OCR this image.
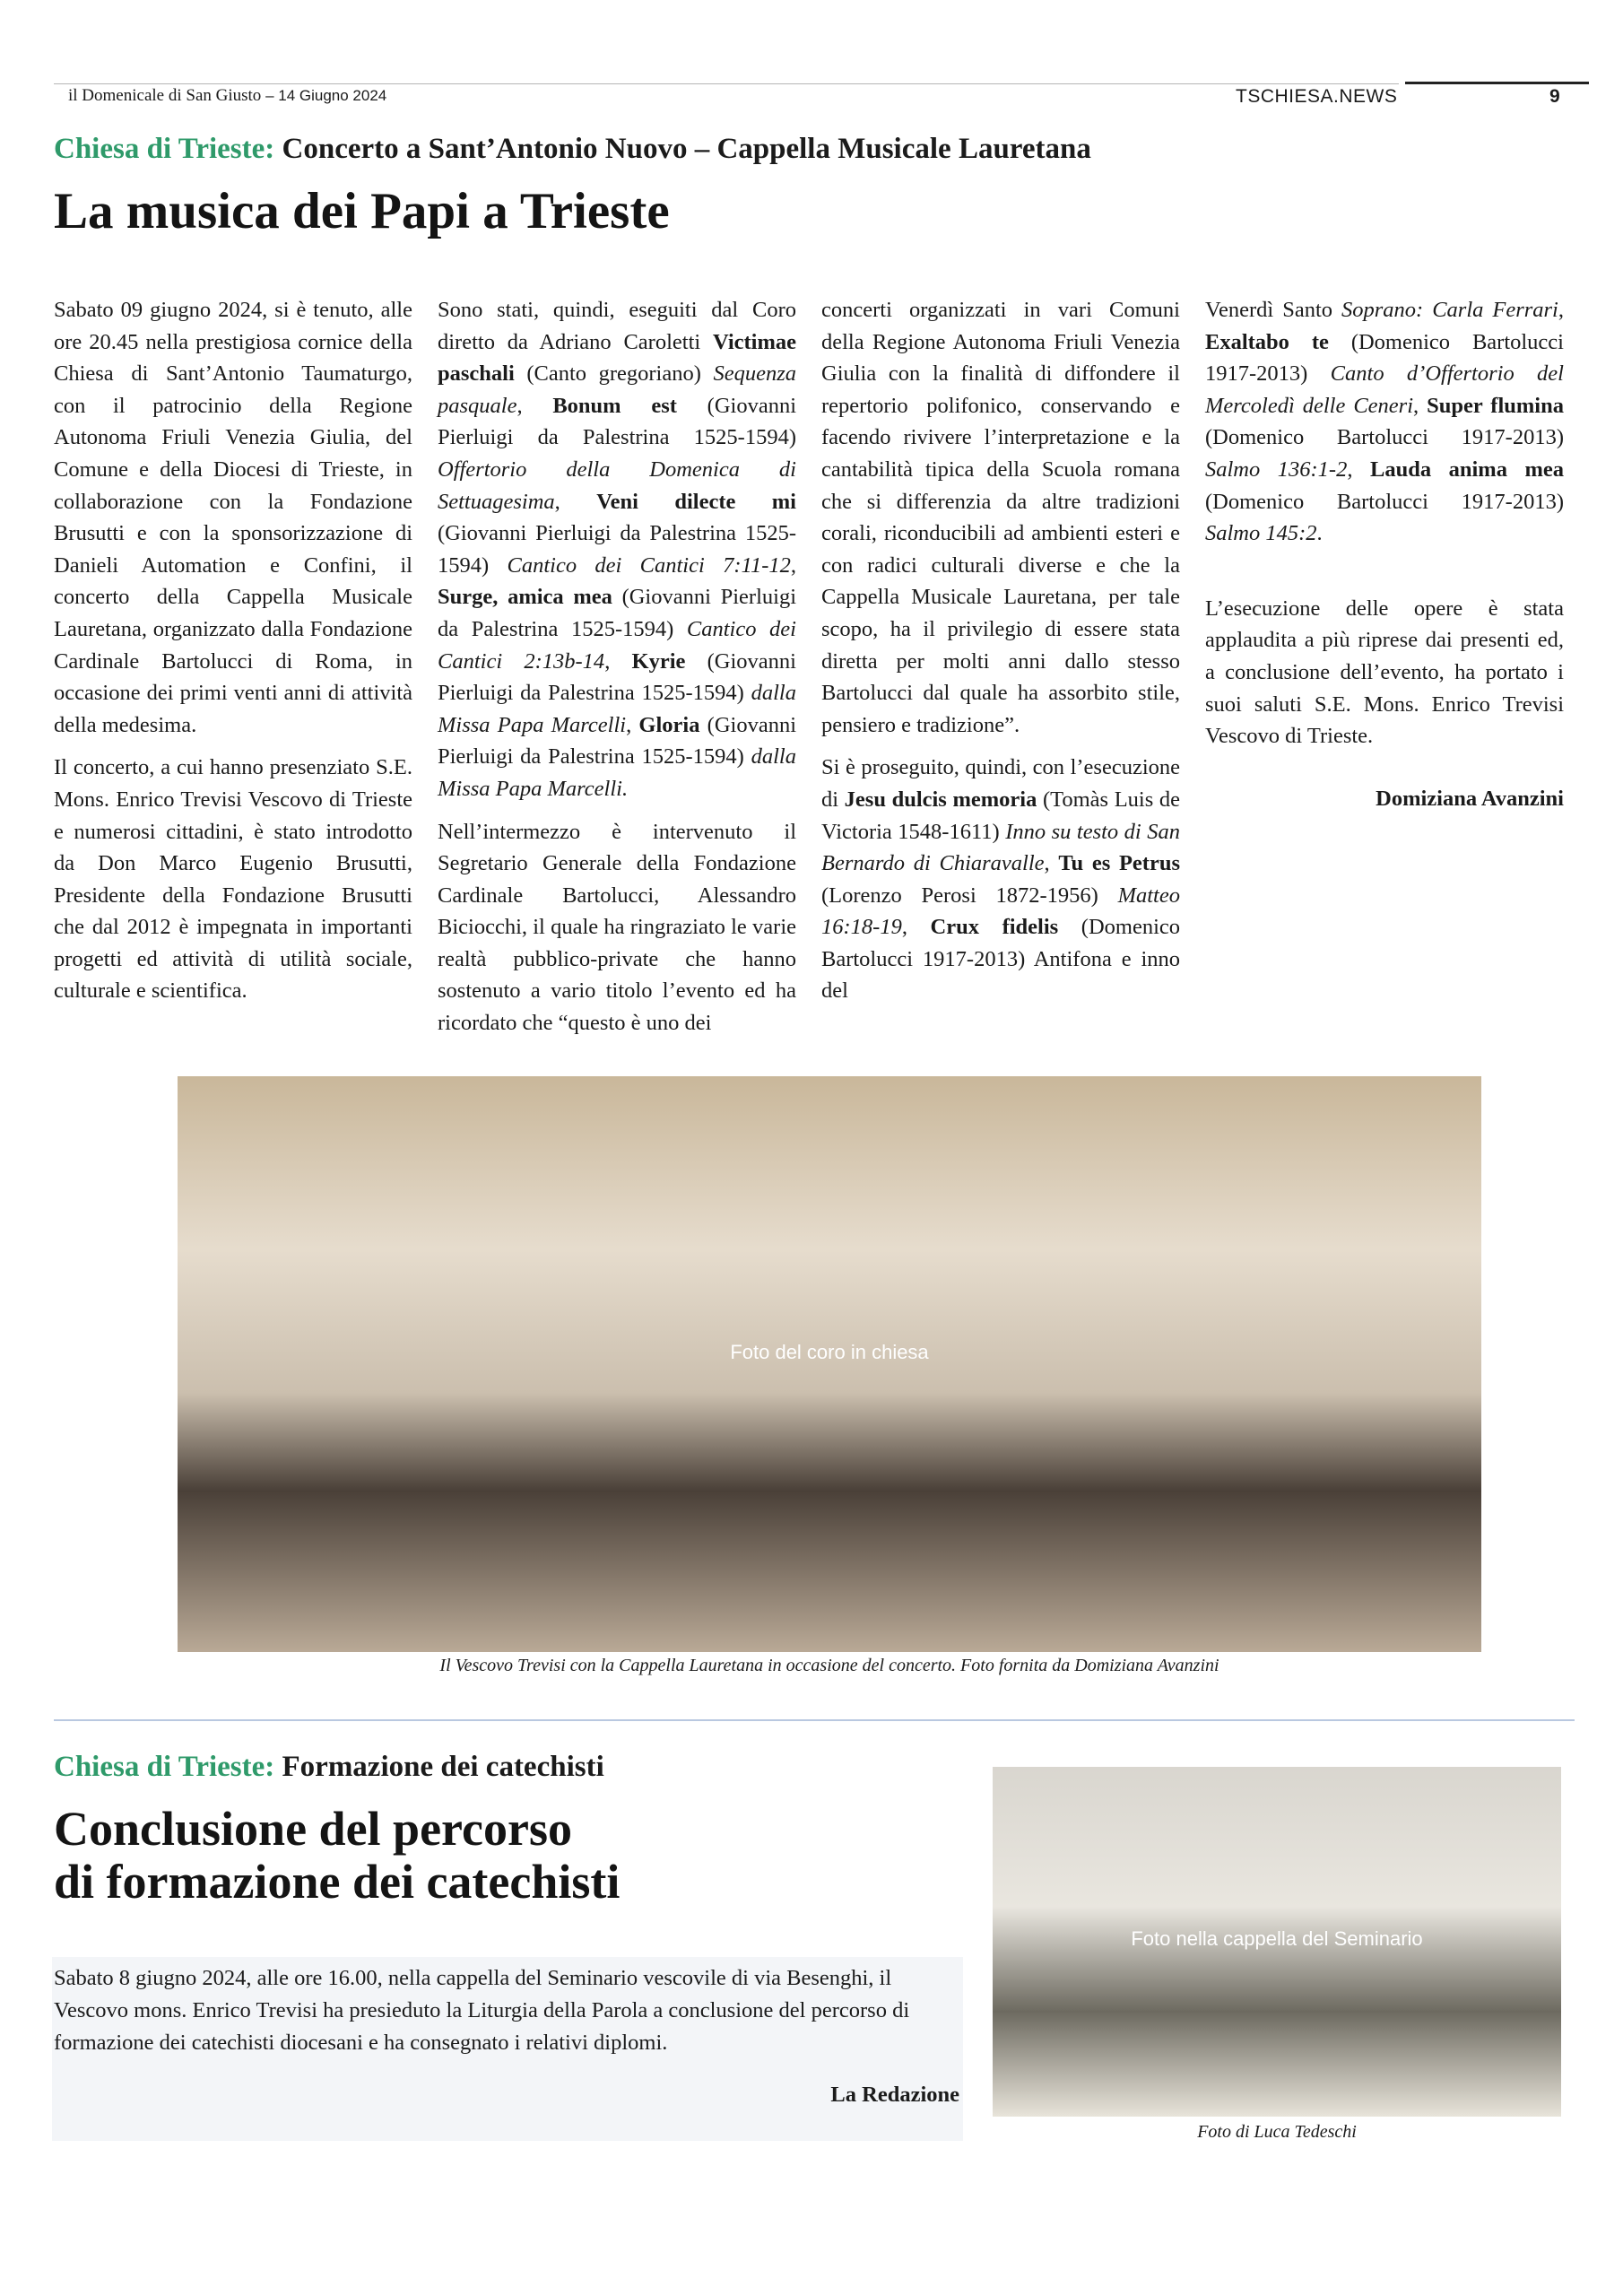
il Domenicale di San Giusto – 14 Giugno 2024	TSCHIESA.NEWS	9
Chiesa di Trieste: Concerto a Sant’Antonio Nuovo – Cappella Musicale Lauretana
La musica dei Papi a Trieste

Sabato 09 giugno 2024, si è tenuto, alle ore 20.45 nella prestigiosa cornice della Chiesa di Sant’Antonio Taumaturgo, con il patrocinio della Regione Autonoma Friuli Venezia Giulia, del Comune e della Diocesi di Trieste, in collaborazione con la Fondazione Brusutti e con la sponsorizzazione di Danieli Automation e Confini, il concerto della Cappella Musicale Lauretana, organizzato dalla Fondazione Cardinale Bartolucci di Roma, in occasione dei primi venti anni di attività della medesima.

Il concerto, a cui hanno presenziato S.E. Mons. Enrico Trevisi Vescovo di Trieste e numerosi cittadini, è stato introdotto da Don Marco Eugenio Brusutti, Presidente della Fondazione Brusutti che dal 2012 è impegnata in importanti progetti ed attività di utilità sociale, culturale e scientifica.

Sono stati, quindi, eseguiti dal Coro diretto da Adriano Caroletti Victimae paschali (Canto gregoriano) Sequenza pasquale, Bonum est (Giovanni Pierluigi da Palestrina 1525-1594) Offertorio della Domenica di Settuagesima, Veni dilecte mi (Giovanni Pierluigi da Palestrina 1525-1594) Cantico dei Cantici 7:11-12, Surge, amica mea (Giovanni Pierluigi da Palestrina 1525-1594) Cantico dei Cantici 2:13b-14, Kyrie (Giovanni Pierluigi da Palestrina 1525-1594) dalla Missa Papa Marcelli, Gloria (Giovanni Pierluigi da Palestrina 1525-1594) dalla Missa Papa Marcelli.

Nell’intermezzo è intervenuto il Segretario Generale della Fondazione Cardinale Bartolucci, Alessandro Biciocchi, il quale ha ringraziato le varie realtà pubblico-private che hanno sostenuto a vario titolo l’evento ed ha ricordato che “questo è uno dei

concerti organizzati in vari Comuni della Regione Autonoma Friuli Venezia Giulia con la finalità di diffondere il repertorio polifonico, conservando e facendo rivivere l’interpretazione e la cantabilità tipica della Scuola romana che si differenzia da altre tradizioni corali, riconducibili ad ambienti esteri e con radici culturali diverse e che la Cappella Musicale Lauretana, per tale scopo, ha il privilegio di essere stata diretta per molti anni dallo stesso Bartolucci dal quale ha assorbito stile, pensiero e tradizione”.

Si è proseguito, quindi, con l’esecuzione di Jesu dulcis memoria (Tomàs Luis de Victoria 1548-1611) Inno su testo di San Bernardo di Chiaravalle, Tu es Petrus (Lorenzo Perosi 1872-1956) Matteo 16:18-19, Crux fidelis (Domenico Bartolucci 1917-2013) Antifona e inno del

Venerdì Santo Soprano: Carla Ferrari, Exaltabo te (Domenico Bartolucci 1917-2013) Canto d’Offertorio del Mercoledì delle Ceneri, Super flumina (Domenico Bartolucci 1917-2013) Salmo 136:1-2, Lauda anima mea (Domenico Bartolucci 1917-2013) Salmo 145:2.

L’esecuzione delle opere è stata applaudita a più riprese dai presenti ed, a conclusione dell’evento, ha portato i suoi saluti S.E. Mons. Enrico Trevisi Vescovo di Trieste.

Domiziana Avanzini
Foto del coro in chiesa
Il Vescovo Trevisi con la Cappella Lauretana in occasione del concerto. Foto fornita da Domiziana Avanzini
Chiesa di Trieste: Formazione dei catechisti
Conclusione del percorso
di formazione dei catechisti
Sabato 8 giugno 2024, alle ore 16.00, nella cappella del Seminario vescovile di via Besenghi, il Vescovo mons. Enrico Trevisi ha presieduto la Liturgia della Parola a conclusione del percorso di formazione dei catechisti diocesani e ha consegnato i relativi diplomi.
La Redazione
Foto nella cappella del Seminario
Foto di Luca Tedeschi
